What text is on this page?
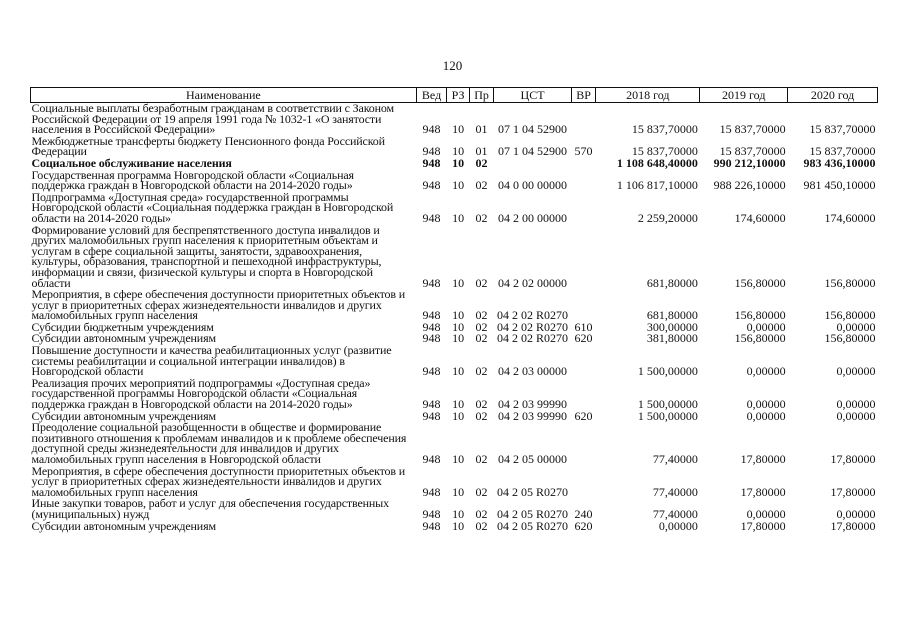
120
Наименование	Вед	РЗ	Пр	ЦСТ	ВР	2018 год	2019 год	2020 год
Социальные выплаты безработным гражданам в соответствии с Законом Российской Федерации от 19 апреля 1991 года № 1032-1 «О занятости населения в Российской Федерации»	948	10	01	07 1 04 52900		15 837,70000	15 837,70000	15 837,70000
Межбюджетные трансферты бюджету Пенсионного фонда Российской Федерации	948	10	01	07 1 04 52900	570	15 837,70000	15 837,70000	15 837,70000
Социальное обслуживание населения	948	10	02			1 108 648,40000	990 212,10000	983 436,10000
Государственная программа Новгородской области «Социальная поддержка граждан в Новгородской области на 2014-2020 годы»	948	10	02	04 0 00 00000		1 106 817,10000	988 226,10000	981 450,10000
Подпрограмма «Доступная среда» государственной программы Новгородской области «Социальная поддержка граждан в Новгородской области на 2014-2020 годы»	948	10	02	04 2 00 00000		2 259,20000	174,60000	174,60000
Формирование условий для беспрепятственного доступа инвалидов и других маломобильных групп населения к приоритетным объектам и услугам в сфере социальной защиты, занятости, здравоохранения, культуры, образования, транспортной и пешеходной инфраструктуры, информации и связи, физической культуры и спорта в Новгородской области	948	10	02	04 2 02 00000		681,80000	156,80000	156,80000
Мероприятия, в сфере обеспечения доступности приоритетных объектов и услуг в приоритетных сферах жизнедеятельности инвалидов и других маломобильных групп населения	948	10	02	04 2 02 R0270		681,80000	156,80000	156,80000
Субсидии бюджетным учреждениям	948	10	02	04 2 02 R0270	610	300,00000	0,00000	0,00000
Субсидии автономным учреждениям	948	10	02	04 2 02 R0270	620	381,80000	156,80000	156,80000
Повышение доступности и качества реабилитационных услуг (развитие системы реабилитации и социальной интеграции инвалидов) в Новгородской области	948	10	02	04 2 03 00000		1 500,00000	0,00000	0,00000
Реализация прочих мероприятий подпрограммы «Доступная среда» государственной программы Новгородской области «Социальная поддержка граждан в Новгородской области на 2014-2020 годы»	948	10	02	04 2 03 99990		1 500,00000	0,00000	0,00000
Субсидии автономным учреждениям	948	10	02	04 2 03 99990	620	1 500,00000	0,00000	0,00000
Преодоление социальной разобщенности в обществе и формирование позитивного отношения к проблемам инвалидов и к проблеме обеспечения доступной среды жизнедеятельности для инвалидов и других маломобильных групп населения в Новгородской области	948	10	02	04 2 05 00000		77,40000	17,80000	17,80000
Мероприятия, в сфере обеспечения доступности приоритетных объектов и услуг в приоритетных сферах жизнедеятельности инвалидов и других маломобильных групп населения	948	10	02	04 2 05 R0270		77,40000	17,80000	17,80000
Иные закупки товаров, работ и услуг для обеспечения государственных (муниципальных) нужд	948	10	02	04 2 05 R0270	240	77,40000	0,00000	0,00000
Субсидии автономным учреждениям	948	10	02	04 2 05 R0270	620	0,00000	17,80000	17,80000
